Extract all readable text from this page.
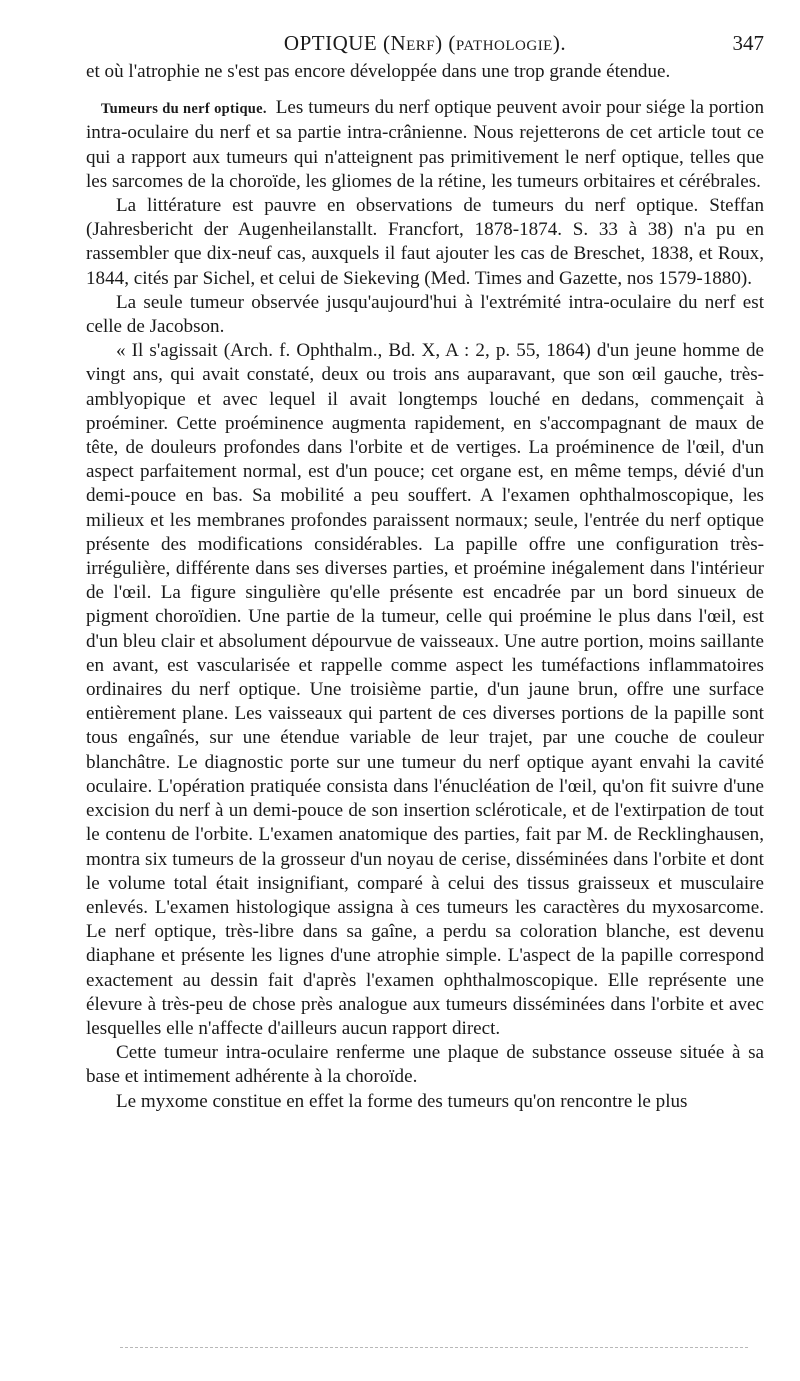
OPTIQUE (Nerf) (pathologie).	347

et où l'atrophie ne s'est pas encore développée dans une trop grande étendue.

Tumeurs du nerf optique. Les tumeurs du nerf optique peuvent avoir pour siége la portion intra-oculaire du nerf et sa partie intra-crânienne. Nous rejetterons de cet article tout ce qui a rapport aux tumeurs qui n'atteignent pas primitivement le nerf optique, telles que les sarcomes de la choroïde, les gliomes de la rétine, les tumeurs orbitaires et cérébrales.

La littérature est pauvre en observations de tumeurs du nerf optique. Steffan (Jahresbericht der Augenheilanstallt. Francfort, 1878-1874. S. 33 à 38) n'a pu en rassembler que dix-neuf cas, auxquels il faut ajouter les cas de Breschet, 1838, et Roux, 1844, cités par Sichel, et celui de Siekeving (Med. Times and Gazette, nos 1579-1880).

La seule tumeur observée jusqu'aujourd'hui à l'extrémité intra-oculaire du nerf est celle de Jacobson.

« Il s'agissait (Arch. f. Ophthalm., Bd. X, A : 2, p. 55, 1864) d'un jeune homme de vingt ans, qui avait constaté, deux ou trois ans auparavant, que son œil gauche, très-amblyopique et avec lequel il avait longtemps louché en dedans, commençait à proéminer. Cette proéminence augmenta rapidement, en s'accompagnant de maux de tête, de douleurs profondes dans l'orbite et de vertiges. La proéminence de l'œil, d'un aspect parfaitement normal, est d'un pouce; cet organe est, en même temps, dévié d'un demi-pouce en bas. Sa mobilité a peu souffert. A l'examen ophthalmoscopique, les milieux et les membranes profondes paraissent normaux; seule, l'entrée du nerf optique présente des modifications considérables. La papille offre une configuration très-irrégulière, différente dans ses diverses parties, et proémine inégalement dans l'intérieur de l'œil. La figure singulière qu'elle présente est encadrée par un bord sinueux de pigment choroïdien. Une partie de la tumeur, celle qui proémine le plus dans l'œil, est d'un bleu clair et absolument dépourvue de vaisseaux. Une autre portion, moins saillante en avant, est vascularisée et rappelle comme aspect les tuméfactions inflammatoires ordinaires du nerf optique. Une troisième partie, d'un jaune brun, offre une surface entièrement plane. Les vaisseaux qui partent de ces diverses portions de la papille sont tous engaînés, sur une étendue variable de leur trajet, par une couche de couleur blanchâtre. Le diagnostic porte sur une tumeur du nerf optique ayant envahi la cavité oculaire. L'opération pratiquée consista dans l'énucléation de l'œil, qu'on fit suivre d'une excision du nerf à un demi-pouce de son insertion scléroticale, et de l'extirpation de tout le contenu de l'orbite. L'examen anatomique des parties, fait par M. de Recklinghausen, montra six tumeurs de la grosseur d'un noyau de cerise, disséminées dans l'orbite et dont le volume total était insignifiant, comparé à celui des tissus graisseux et musculaire enlevés. L'examen histologique assigna à ces tumeurs les caractères du myxosarcome. Le nerf optique, très-libre dans sa gaîne, a perdu sa coloration blanche, est devenu diaphane et présente les lignes d'une atrophie simple. L'aspect de la papille correspond exactement au dessin fait d'après l'examen ophthalmoscopique. Elle représente une élevure à très-peu de chose près analogue aux tumeurs disséminées dans l'orbite et avec lesquelles elle n'affecte d'ailleurs aucun rapport direct.

Cette tumeur intra-oculaire renferme une plaque de substance osseuse située à sa base et intimement adhérente à la choroïde.

Le myxome constitue en effet la forme des tumeurs qu'on rencontre le plus
